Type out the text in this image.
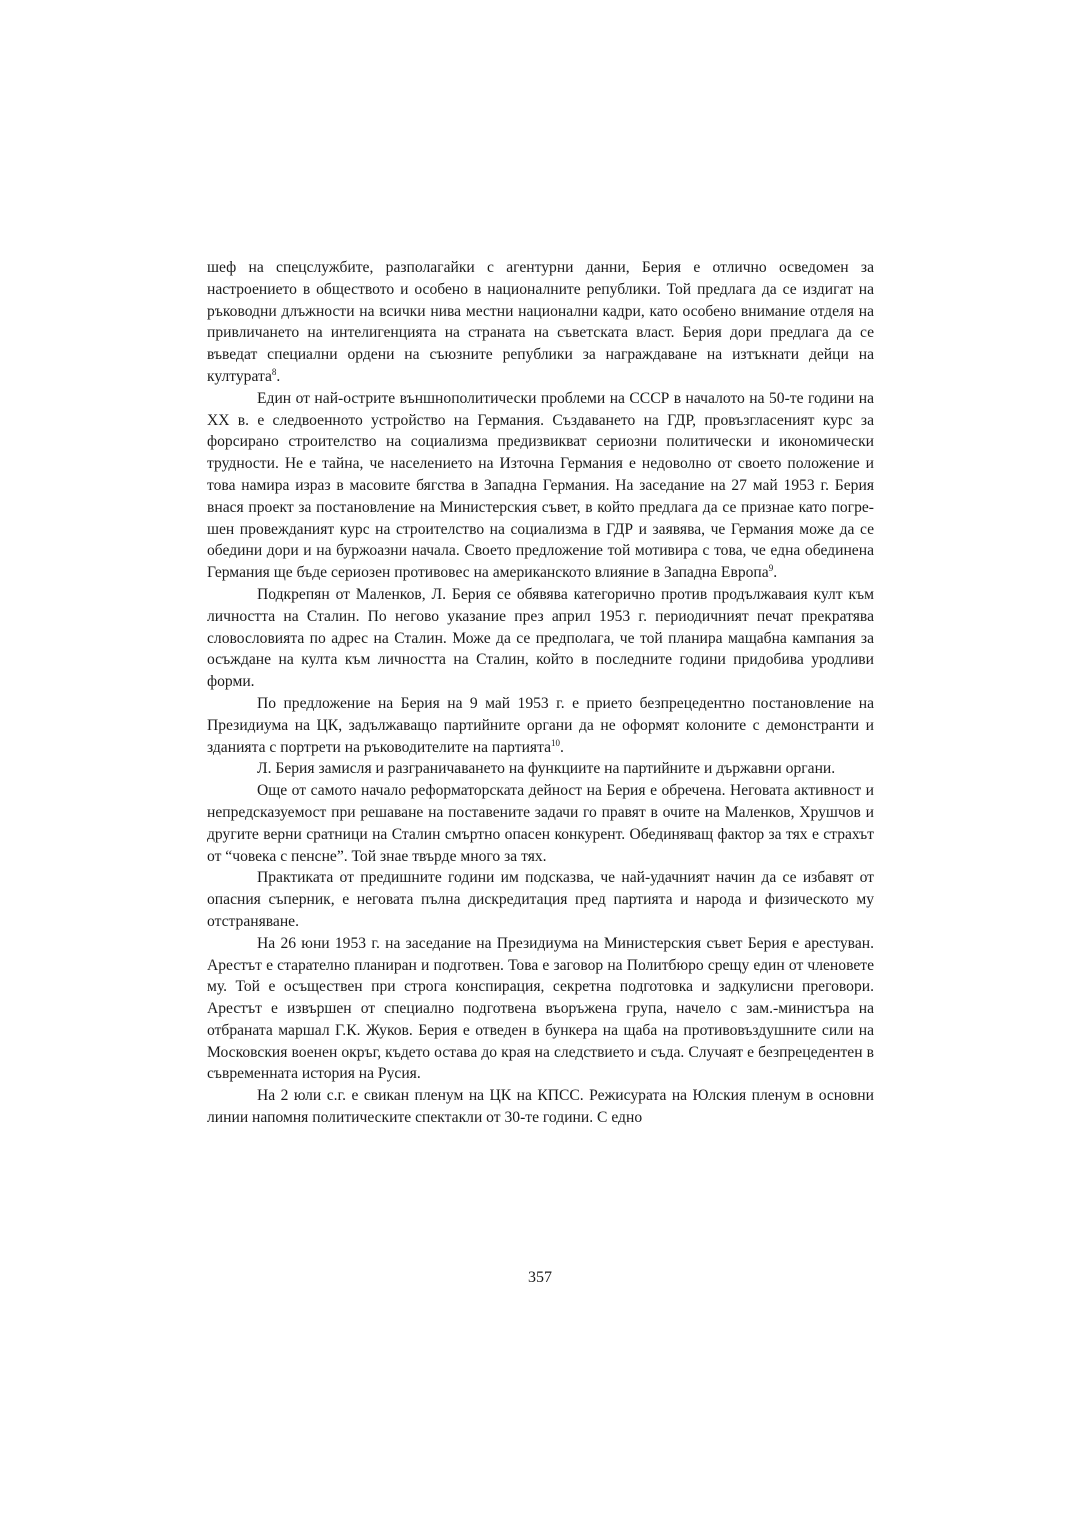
шеф на спецслужбите, разполагайки с агентурни данни, Берия е отлично осведомен за настроението в обществото и особено в националните републики. Той предлага да се издигат на ръководни длъжности на всички нива местни национални кадри, като особено внимание отделя на привличането на интелигенцията на страната на съветската власт. Берия дори предлага да се въведат специални ордени на съюзните републики за награждаване на изтъкнати дейци на културата$^8$.

Един от най-острите външнополитически проблеми на СССР в началото на 50-те години на XX в. е следвоенното устройство на Германия. Създаването на ГДР, провъзгласеният курс за форсирано строителство на социализма предизвикват сериозни политически и икономически трудности. Не е тайна, че населението на Източна Германия е недоволно от своето положение и това намира израз в масовите бягства в Западна Германия. На заседание на 27 май 1953 г. Берия внася проект за постановление на Министерския съвет, в който предлага да се признае като погрешен провежданият курс на строителство на социализма в ГДР и заявява, че Германия може да се обедини дори и на буржоазни начала. Своето предложение той мотивира с това, че една обединена Германия ще бъде сериозен противовес на американското влияние в Западна Европа$^9$.

Подкрепян от Маленков, Л. Берия се обявява категорично против продължаваия култ към личността на Сталин. По негово указание през април 1953 г. периодичният печат прекратява словословията по адрес на Сталин. Може да се предполага, че той планира мащабна кампания за осъждане на култа към личността на Сталин, който в последните години придобива уродливи форми.

По предложение на Берия на 9 май 1953 г. е прието безпрецедентно постановление на Президиума на ЦК, задължаващо партийните органи да не оформят колоните с демонстранти и зданията с портрети на ръководителите на партията$^{10}$.

Л. Берия замисля и разграничаването на функциите на партийните и държавни органи.

Още от самото начало реформаторската дейност на Берия е обречена. Неговата активност и непредсказуемост при решаване на поставените задачи го правят в очите на Маленков, Хрушчов и другите верни сратници на Сталин смъртно опасен конкурент. Обединяващ фактор за тях е страхът от “човека с пенсне”. Той знае твърде много за тях.

Практиката от предишните години им подсказва, че най-удачният начин да се избавят от опасния съперник, е неговата пълна дискредитация пред партията и народа и физическото му отстраняване.

На 26 юни 1953 г. на заседание на Президиума на Министерския съвет Берия е арестуван. Арестът е старателно планиран и подготвен. Това е заговор на Политбюро срещу един от членовете му. Той е осъществен при строга конспирация, секретна подготовка и задкулисни преговори. Арестът е извършен от специално подготвена въоръжена група, начело с зам.-министъра на отбраната маршал Г.К. Жуков. Берия е отведен в бункера на щаба на противовъздушните сили на Московския военен окръг, където остава до края на следствието и съда. Случаят е безпрецедентен в съвременната история на Русия.

На 2 юли с.г. е свикан пленум на ЦК на КПСС. Режисурата на Юлския пленум в основни линии напомня политическите спектакли от 30-те години. С едно

357
